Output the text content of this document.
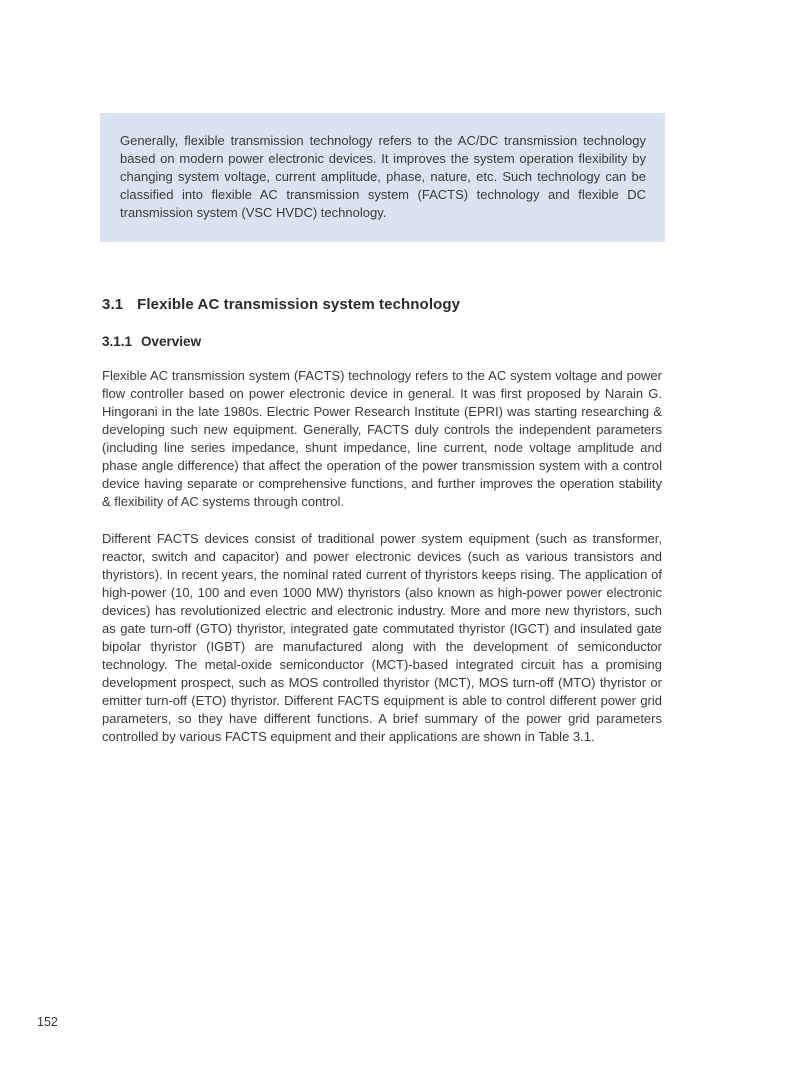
Generally, flexible transmission technology refers to the AC/DC transmission technology based on modern power electronic devices. It improves the system operation flexibility by changing system voltage, current amplitude, phase, nature, etc. Such technology can be classified into flexible AC transmission system (FACTS) technology and flexible DC transmission system (VSC HVDC) technology.

3.1 Flexible AC transmission system technology
3.1.1 Overview

Flexible AC transmission system (FACTS) technology refers to the AC system voltage and power flow controller based on power electronic device in general. It was first proposed by Narain G. Hingorani in the late 1980s. Electric Power Research Institute (EPRI) was starting researching & developing such new equipment. Generally, FACTS duly controls the independent parameters (including line series impedance, shunt impedance, line current, node voltage amplitude and phase angle difference) that affect the operation of the power transmission system with a control device having separate or comprehensive functions, and further improves the operation stability & flexibility of AC systems through control.

Different FACTS devices consist of traditional power system equipment (such as transformer, reactor, switch and capacitor) and power electronic devices (such as various transistors and thyristors). In recent years, the nominal rated current of thyristors keeps rising. The application of high-power (10, 100 and even 1000 MW) thyristors (also known as high-power power electronic devices) has revolutionized electric and electronic industry. More and more new thyristors, such as gate turn-off (GTO) thyristor, integrated gate commutated thyristor (IGCT) and insulated gate bipolar thyristor (IGBT) are manufactured along with the development of semiconductor technology. The metal-oxide semiconductor (MCT)-based integrated circuit has a promising development prospect, such as MOS controlled thyristor (MCT), MOS turn-off (MTO) thyristor or emitter turn-off (ETO) thyristor. Different FACTS equipment is able to control different power grid parameters, so they have different functions. A brief summary of the power grid parameters controlled by various FACTS equipment and their applications are shown in Table 3.1.

152
